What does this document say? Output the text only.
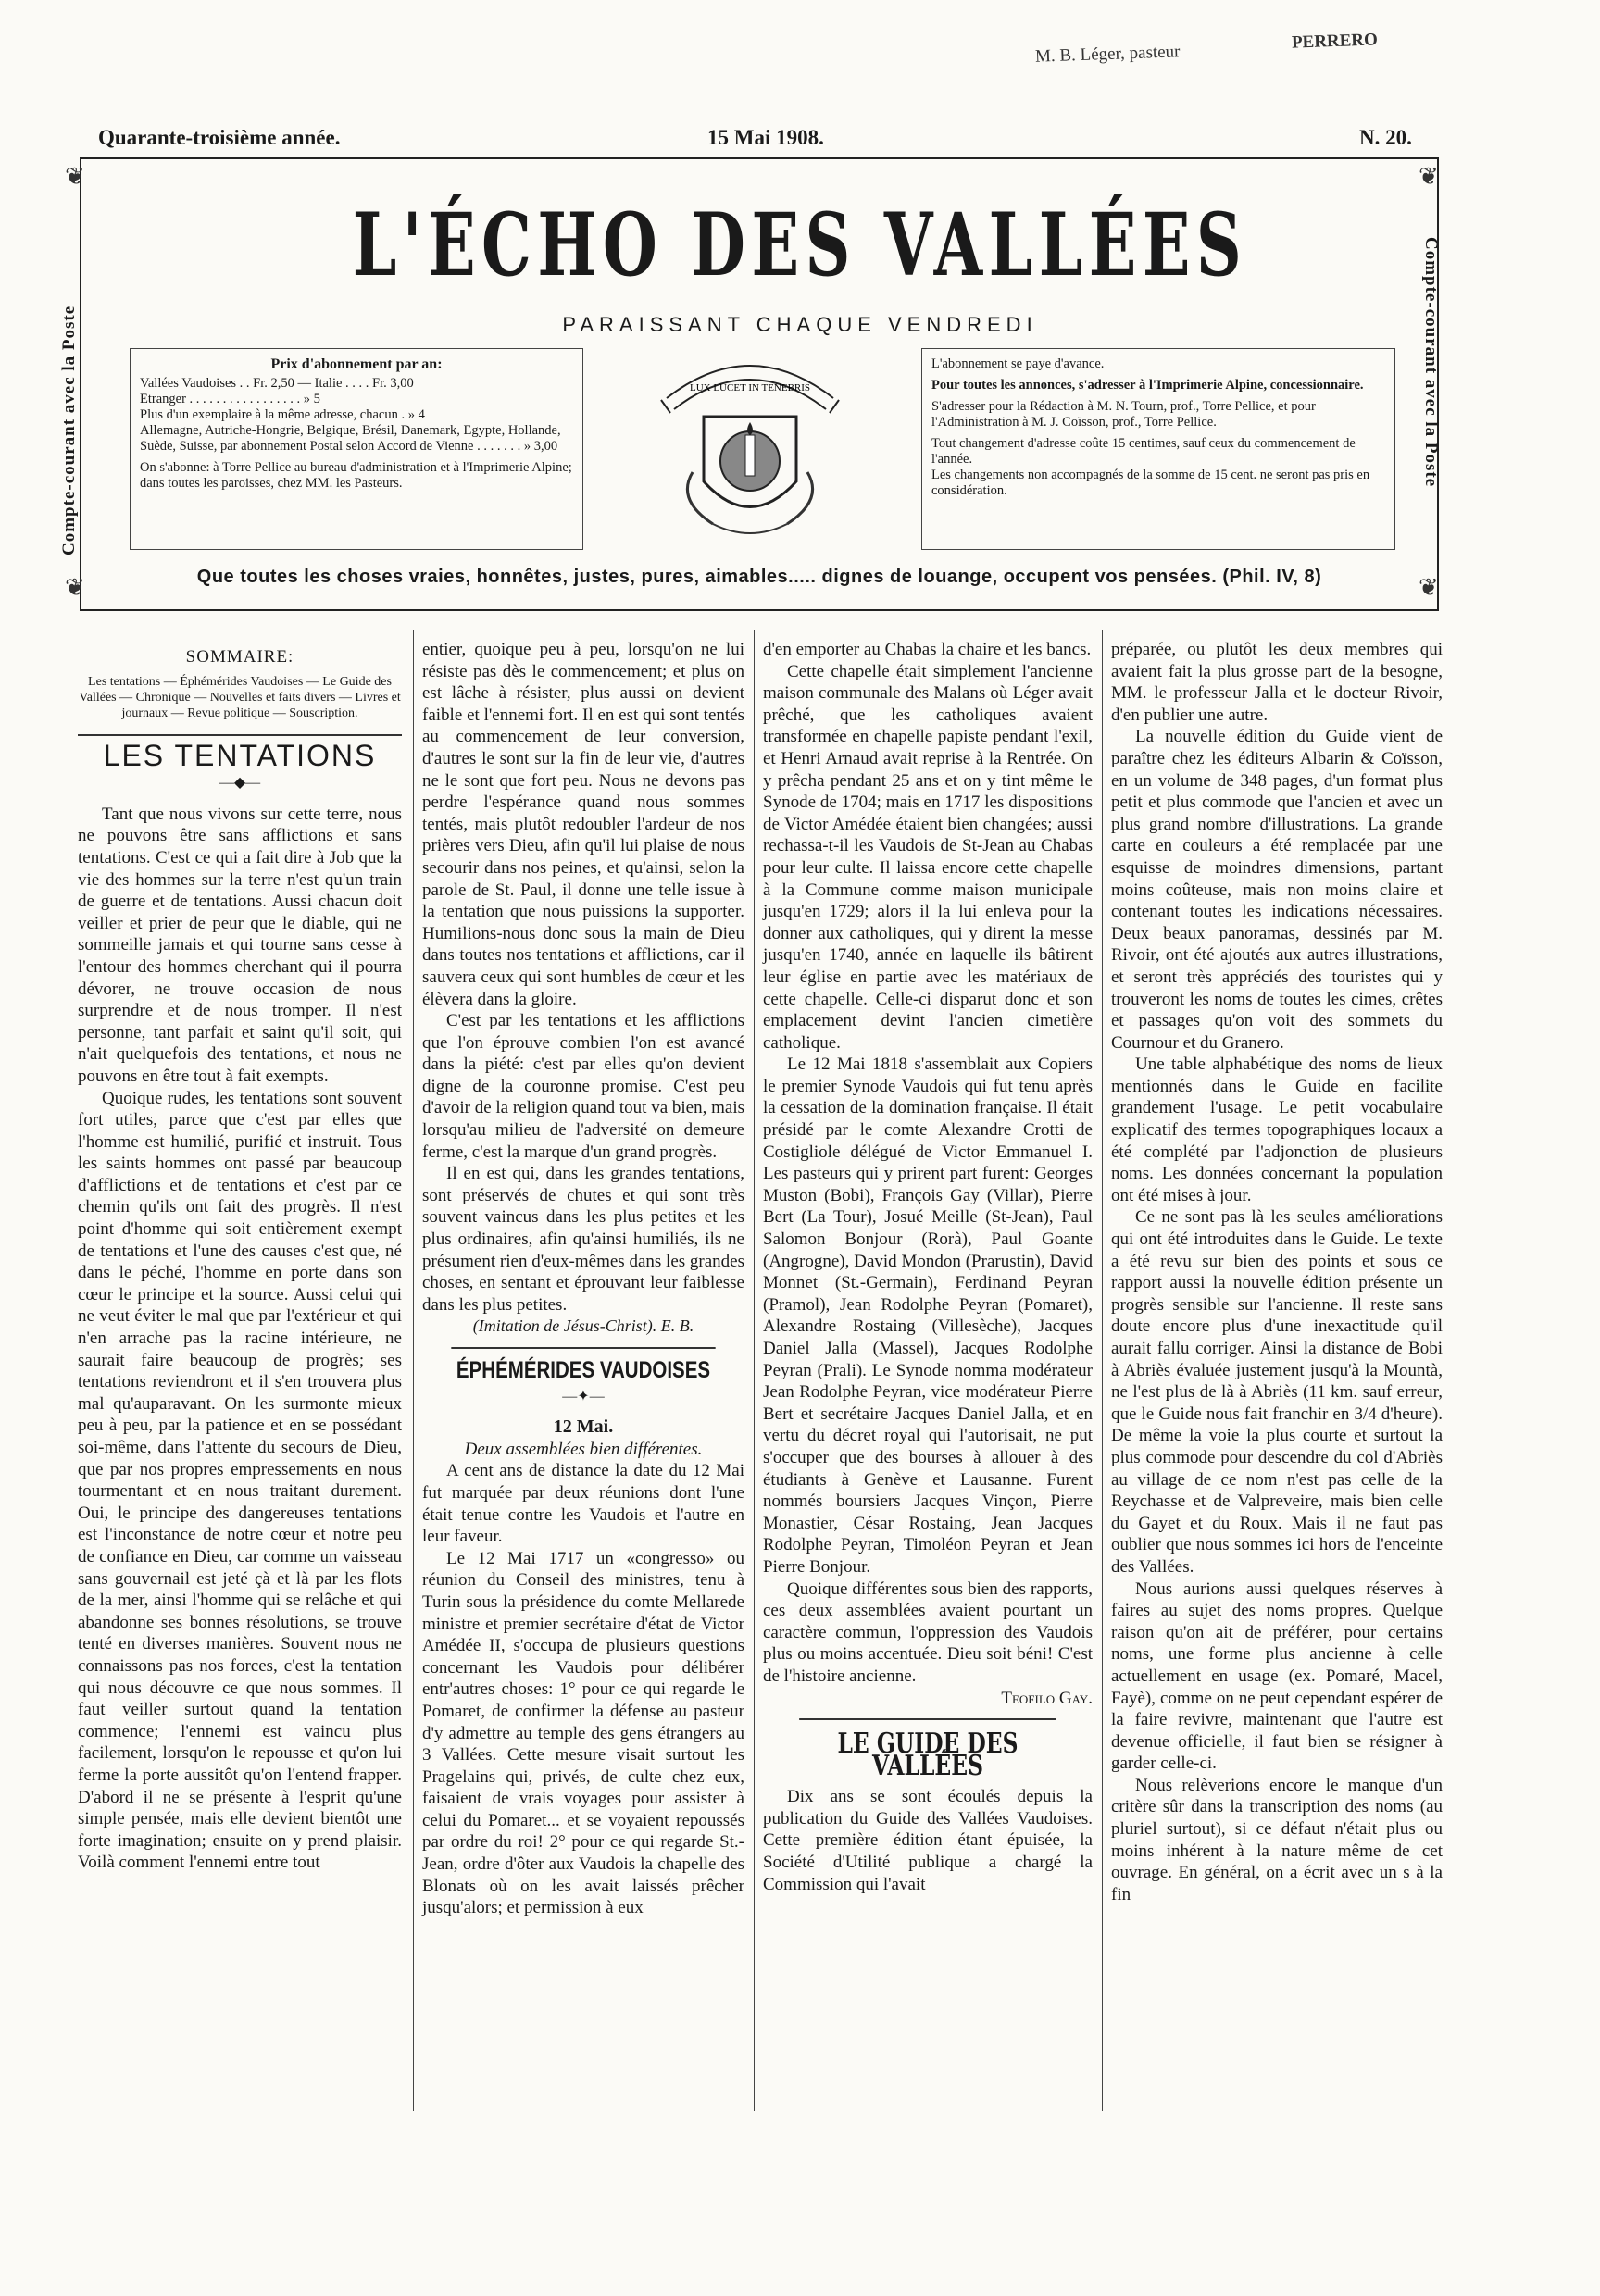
M. B. Léger, pasteur
PERRERO
Quarante-troisième année.	15 Mai 1908.	N. 20.
❦
❦
❦
❦
Compte-courant avec la Poste	Compte-courant avec la Poste
L'ÉCHO DES VALLÉES
PARAISSANT CHAQUE VENDREDI
Prix d'abonnement par an:
Vallées Vaudoises . . Fr. 2,50 — Italie . . . . Fr. 3,00
Etranger . . . . . . . . . . . . . . . . . » 5
Plus d'un exemplaire à la même adresse, chacun . » 4
Allemagne, Autriche-Hongrie, Belgique, Brésil, Danemark, Egypte, Hollande, Suède, Suisse, par abonnement Postal selon Accord de Vienne . . . . . . . » 3,00
On s'abonne: à Torre Pellice au bureau d'administration et à l'Imprimerie Alpine; dans toutes les paroisses, chez MM. les Pasteurs.
LUX LUCET IN TENEBRIS
L'abonnement se paye d'avance.
Pour toutes les annonces, s'adresser à l'Imprimerie Alpine, concessionnaire.
S'adresser pour la Rédaction à M. N. Tourn, prof., Torre Pellice, et pour l'Administration à M. J. Coïsson, prof., Torre Pellice.
Tout changement d'adresse coûte 15 centimes, sauf ceux du commencement de l'année.
Les changements non accompagnés de la somme de 15 cent. ne seront pas pris en considération.
Que toutes les choses vraies, honnêtes, justes, pures, aimables..... dignes de louange, occupent vos pensées. (Phil. IV, 8)
SOMMAIRE:
Les tentations — Éphémérides Vaudoises — Le Guide des Vallées — Chronique — Nouvelles et faits divers — Livres et journaux — Revue politique — Souscription.
LES TENTATIONS
—◆—

Tant que nous vivons sur cette terre, nous ne pouvons être sans afflictions et sans tentations. C'est ce qui a fait dire à Job que la vie des hommes sur la terre n'est qu'un train de guerre et de tentations. Aussi chacun doit veiller et prier de peur que le diable, qui ne sommeille jamais et qui tourne sans cesse à l'entour des hommes cherchant qui il pourra dévorer, ne trouve occasion de nous surprendre et de nous tromper. Il n'est personne, tant parfait et saint qu'il soit, qui n'ait quelquefois des tentations, et nous ne pouvons en être tout à fait exempts.

Quoique rudes, les tentations sont souvent fort utiles, parce que c'est par elles que l'homme est humilié, purifié et instruit. Tous les saints hommes ont passé par beaucoup d'afflictions et de tentations et c'est par ce chemin qu'ils ont fait des progrès. Il n'est point d'homme qui soit entièrement exempt de tentations et l'une des causes c'est que, né dans le péché, l'homme en porte dans son cœur le principe et la source. Aussi celui qui ne veut éviter le mal que par l'extérieur et qui n'en arrache pas la racine intérieure, ne saurait faire beaucoup de progrès; ses tentations reviendront et il s'en trouvera plus mal qu'auparavant. On les surmonte mieux peu à peu, par la patience et en se possédant soi-même, dans l'attente du secours de Dieu, que par nos propres empressements en nous tourmentant et en nous traitant durement. Oui, le principe des dangereuses tentations est l'inconstance de notre cœur et notre peu de confiance en Dieu, car comme un vaisseau sans gouvernail est jeté çà et là par les flots de la mer, ainsi l'homme qui se relâche et qui abandonne ses bonnes résolutions, se trouve tenté en diverses manières. Souvent nous ne connaissons pas nos forces, c'est la tentation qui nous découvre ce que nous sommes. Il faut veiller surtout quand la tentation commence; l'ennemi est vaincu plus facilement, lorsqu'on le repousse et qu'on lui ferme la porte aussitôt qu'on l'entend frapper. D'abord il ne se présente à l'esprit qu'une simple pensée, mais elle devient bientôt une forte imagination; ensuite on y prend plaisir. Voilà comment l'ennemi entre tout

entier, quoique peu à peu, lorsqu'on ne lui résiste pas dès le commencement; et plus on est lâche à résister, plus aussi on devient faible et l'ennemi fort. Il en est qui sont tentés au commencement de leur conversion, d'autres le sont sur la fin de leur vie, d'autres ne le sont que fort peu. Nous ne devons pas perdre l'espérance quand nous sommes tentés, mais plutôt redoubler l'ardeur de nos prières vers Dieu, afin qu'il lui plaise de nous secourir dans nos peines, et qu'ainsi, selon la parole de St. Paul, il donne une telle issue à la tentation que nous puissions la supporter. Humilions-nous donc sous la main de Dieu dans toutes nos tentations et afflictions, car il sauvera ceux qui sont humbles de cœur et les élèvera dans la gloire.

C'est par les tentations et les afflictions que l'on éprouve combien l'on est avancé dans la piété: c'est par elles qu'on devient digne de la couronne promise. C'est peu d'avoir de la religion quand tout va bien, mais lorsqu'au milieu de l'adversité on demeure ferme, c'est la marque d'un grand progrès.

Il en est qui, dans les grandes tentations, sont préservés de chutes et qui sont très souvent vaincus dans les plus petites et les plus ordinaires, afin qu'ainsi humiliés, ils ne présument rien d'eux-mêmes dans les grandes choses, en sentant et éprouvant leur faiblesse dans les plus petites.

(Imitation de Jésus-Christ). E. B.
ÉPHÉMÉRIDES VAUDOISES
—✦—
12 Mai.
Deux assemblées bien différentes.

A cent ans de distance la date du 12 Mai fut marquée par deux réunions dont l'une était tenue contre les Vaudois et l'autre en leur faveur.

Le 12 Mai 1717 un «congresso» ou réunion du Conseil des ministres, tenu à Turin sous la présidence du comte Mellarede ministre et premier secrétaire d'état de Victor Amédée II, s'occupa de plusieurs questions concernant les Vaudois pour délibérer entr'autres choses: 1° pour ce qui regarde le Pomaret, de confirmer la défense au pasteur d'y admettre au temple des gens étrangers au 3 Vallées. Cette mesure visait surtout les Pragelains qui, privés, de culte chez eux, faisaient de vrais voyages pour assister à celui du Pomaret... et se voyaient repoussés par ordre du roi! 2° pour ce qui regarde St.-Jean, ordre d'ôter aux Vaudois la chapelle des Blonats où on les avait laissés prêcher jusqu'alors; et permission à eux

d'en emporter au Chabas la chaire et les bancs.

Cette chapelle était simplement l'ancienne maison communale des Malans où Léger avait prêché, que les catholiques avaient transformée en chapelle papiste pendant l'exil, et Henri Arnaud avait reprise à la Rentrée. On y prêcha pendant 25 ans et on y tint même le Synode de 1704; mais en 1717 les dispositions de Victor Amédée étaient bien changées; aussi rechassa-t-il les Vaudois de St-Jean au Chabas pour leur culte. Il laissa encore cette chapelle à la Commune comme maison municipale jusqu'en 1729; alors il la lui enleva pour la donner aux catholiques, qui y dirent la messe jusqu'en 1740, année en laquelle ils bâtirent leur église en partie avec les matériaux de cette chapelle. Celle-ci disparut donc et son emplacement devint l'ancien cimetière catholique.

Le 12 Mai 1818 s'assemblait aux Copiers le premier Synode Vaudois qui fut tenu après la cessation de la domination française. Il était présidé par le comte Alexandre Crotti de Costigliole délégué de Victor Emmanuel I. Les pasteurs qui y prirent part furent: Georges Muston (Bobi), François Gay (Villar), Pierre Bert (La Tour), Josué Meille (St-Jean), Paul Salomon Bonjour (Rorà), Paul Goante (Angrogne), David Mondon (Prarustin), David Monnet (St.-Germain), Ferdinand Peyran (Pramol), Jean Rodolphe Peyran (Pomaret), Alexandre Rostaing (Villesèche), Jacques Daniel Jalla (Massel), Jacques Rodolphe Peyran (Prali). Le Synode nomma modérateur Jean Rodolphe Peyran, vice modérateur Pierre Bert et secrétaire Jacques Daniel Jalla, et en vertu du décret royal qui l'autorisait, ne put s'occuper que des bourses à allouer à des étudiants à Genève et Lausanne. Furent nommés boursiers Jacques Vinçon, Pierre Monastier, César Rostaing, Jean Jacques Rodolphe Peyran, Timoléon Peyran et Jean Pierre Bonjour.

Quoique différentes sous bien des rapports, ces deux assemblées avaient pourtant un caractère commun, l'oppression des Vaudois plus ou moins accentuée. Dieu soit béni! C'est de l'histoire ancienne.

Teofilo Gay.
LE GUIDE DES VALLÉES

Dix ans se sont écoulés depuis la publication du Guide des Vallées Vaudoises. Cette première édition étant épuisée, la Société d'Utilité publique a chargé la Commission qui l'avait

préparée, ou plutôt les deux membres qui avaient fait la plus grosse part de la besogne, MM. le professeur Jalla et le docteur Rivoir, d'en publier une autre.

La nouvelle édition du Guide vient de paraître chez les éditeurs Albarin & Coïsson, en un volume de 348 pages, d'un format plus petit et plus commode que l'ancien et avec un plus grand nombre d'illustrations. La grande carte en couleurs a été remplacée par une esquisse de moindres dimensions, partant moins coûteuse, mais non moins claire et contenant toutes les indications nécessaires. Deux beaux panoramas, dessinés par M. Rivoir, ont été ajoutés aux autres illustrations, et seront très appréciés des touristes qui y trouveront les noms de toutes les cimes, crêtes et passages qu'on voit des sommets du Cournour et du Granero.

Une table alphabétique des noms de lieux mentionnés dans le Guide en facilite grandement l'usage. Le petit vocabulaire explicatif des termes topographiques locaux a été complété par l'adjonction de plusieurs noms. Les données concernant la population ont été mises à jour.

Ce ne sont pas là les seules améliorations qui ont été introduites dans le Guide. Le texte a été revu sur bien des points et sous ce rapport aussi la nouvelle édition présente un progrès sensible sur l'ancienne. Il reste sans doute encore plus d'une inexactitude qu'il aurait fallu corriger. Ainsi la distance de Bobi à Abriès évaluée justement jusqu'à la Mountà, ne l'est plus de là à Abriès (11 km. sauf erreur, que le Guide nous fait franchir en 3/4 d'heure). De même la voie la plus courte et surtout la plus commode pour descendre du col d'Abriès au village de ce nom n'est pas celle de la Reychasse et de Valpreveire, mais bien celle du Gayet et du Roux. Mais il ne faut pas oublier que nous sommes ici hors de l'enceinte des Vallées.

Nous aurions aussi quelques réserves à faires au sujet des noms propres. Quelque raison qu'on ait de préférer, pour certains noms, une forme plus ancienne à celle actuellement en usage (ex. Pomaré, Macel, Fayè), comme on ne peut cependant espérer de la faire revivre, maintenant que l'autre est devenue officielle, il faut bien se résigner à garder celle-ci.

Nous relèverions encore le manque d'un critère sûr dans la transcription des noms (au pluriel surtout), si ce défaut n'était plus ou moins inhérent à la nature même de cet ouvrage. En général, on a écrit avec un s à la fin
